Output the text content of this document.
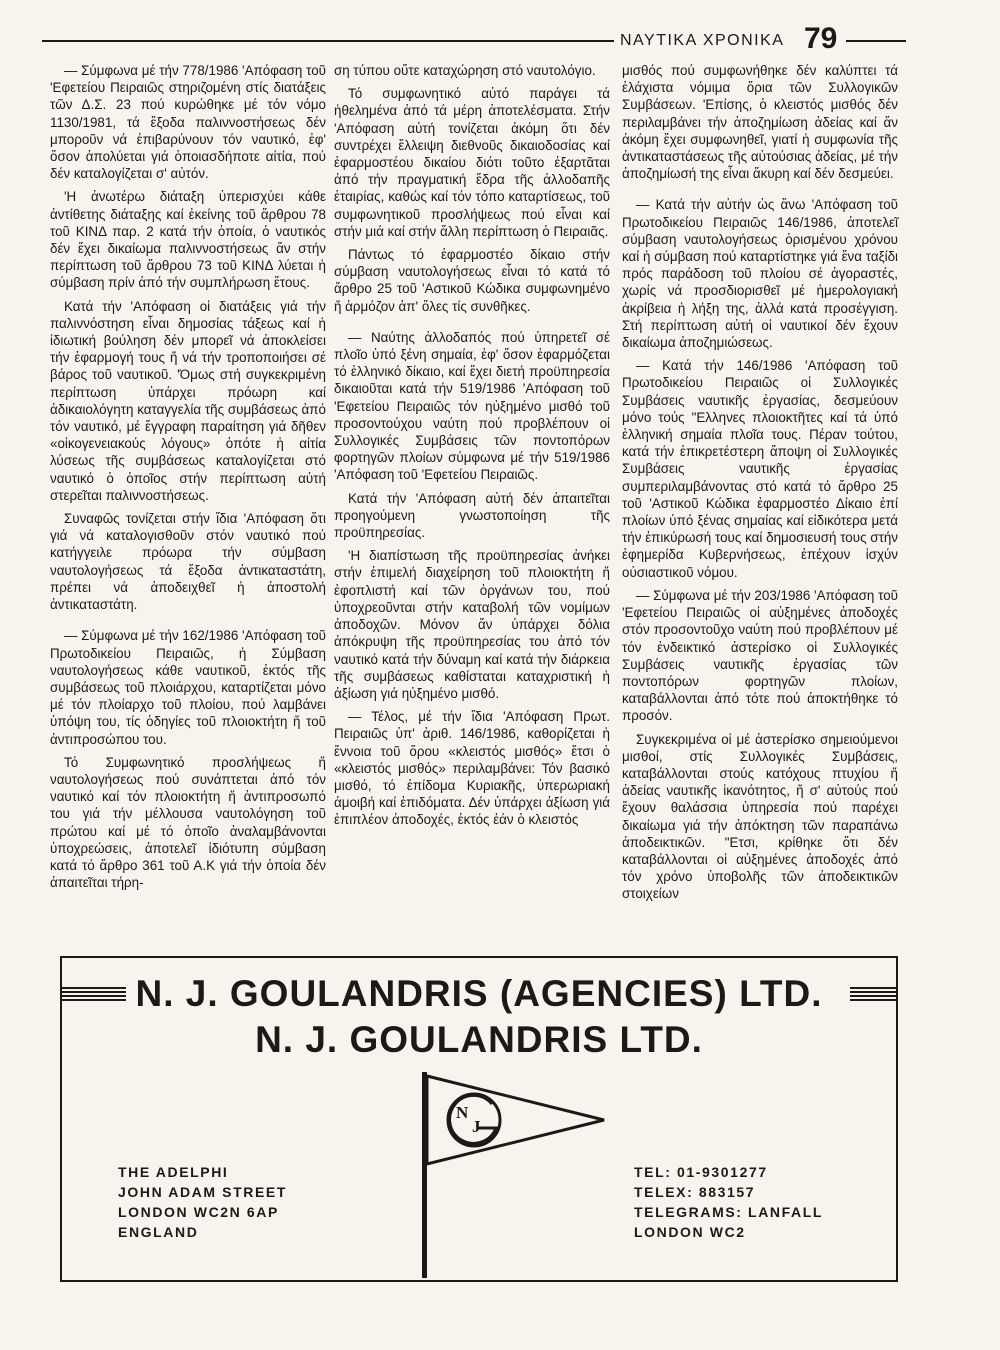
ΝΑΥΤΙΚΑ ΧΡΟΝΙΚΑ 79

— Σύμφωνα μέ τήν 778/1986 'Απόφαση τοῦ 'Εφετείου Πειραιῶς στηριζομένη στίς διατάξεις τῶν Δ.Σ. 23 πού κυρώθηκε μέ τόν νόμο 1130/1981, τά ἔξοδα παλιννοστήσεως δέν μποροῦν νά ἐπιβαρύνουν τόν ναυτικό, ἐφ' ὅσον ἀπολύεται γιά ὁποιασδήποτε αἰτία, πού δέν καταλογίζεται σ' αὐτόν.

'Η ἀνωτέρω διάταξη ὑπερισχύει κάθε ἀντίθετης διάταξης καί ἐκείνης τοῦ ἄρθρου 78 τοῦ ΚΙΝΔ παρ. 2 κατά τήν ὁποία, ὁ ναυτικός δέν ἔχει δικαίωμα παλιννοστήσεως ἄν στήν περίπτωση τοῦ ἄρθρου 73 τοῦ ΚΙΝΔ λύεται ἡ σύμβαση πρίν ἀπό τήν συμπλήρωση ἔτους.

Κατά τήν 'Απόφαση οἱ διατάξεις γιά τήν παλιννόστηση εἶναι δημοσίας τάξεως καί ἡ ἰδιωτική βούληση δέν μπορεῖ νά ἀποκλείσει τήν ἐφαρμογή τους ἤ νά τήν τροποποιήσει σέ βάρος τοῦ ναυτικοῦ. 'Όμως στή συγκεκριμένη περίπτωση ὑπάρχει πρόωρη καί ἀδικαιολόγητη καταγγελία τῆς συμβάσεως ἀπό τόν ναυτικό, μέ ἔγγραφη παραίτηση γιά δῆθεν «οἰκογενειακούς λόγους» ὁπότε ἡ αἰτία λύσεως τῆς συμβάσεως καταλογίζεται στό ναυτικό ὁ ὁποῖος στήν περίπτωση αὐτή στερεῖται παλιννοστήσεως.

Συναφῶς τονίζεται στήν ἴδια 'Απόφαση ὅτι γιά νά καταλογισθοῦν στόν ναυτικό πού κατήγγειλε πρόωρα τήν σύμβαση ναυτολογήσεως τά ἔξοδα ἀντικαταστάτη, πρέπει νά ἀποδειχθεῖ ἡ ἀποστολή ἀντικαταστάτη.

— Σύμφωνα μέ τήν 162/1986 'Απόφαση τοῦ Πρωτοδικείου Πειραιῶς, ἡ Σύμβαση ναυτολογήσεως κάθε ναυτικοῦ, ἐκτός τῆς συμβάσεως τοῦ πλοιάρχου, καταρτίζεται μόνο μέ τόν πλοίαρχο τοῦ πλοίου, πού λαμβάνει ὑπόψη του, τίς ὁδηγίες τοῦ πλοιοκτήτη ἤ τοῦ ἀντιπροσώπου του.

Τό Συμφωνητικό προσλήψεως ἤ ναυτολογήσεως πού συνάπτεται ἀπό τόν ναυτικό καί τόν πλοιοκτήτη ἤ ἀντιπροσωπό του γιά τήν μέλλουσα ναυτολόγηση τοῦ πρώτου καί μέ τό ὁποῖο ἀναλαμβάνονται ὑποχρεώσεις, ἀποτελεῖ ἰδιότυπη σύμβαση κατά τό ἄρθρο 361 τοῦ Α.Κ γιά τήν ὁποία δέν ἀπαιτεῖται τήρη-

ση τύπου οὔτε καταχώρηση στό ναυτολόγιο.

Τό συμφωνητικό αὐτό παράγει τά ἠθελημένα ἀπό τά μέρη ἀποτελέσματα. Στήν 'Απόφαση αὐτή τονίζεται ἀκόμη ὅτι δέν συντρέχει ἔλλειψη διεθνοῦς δικαιοδοσίας καί ἐφαρμοστέου δικαίου διότι τοῦτο ἐξαρτᾶται ἀπό τήν πραγματική ἕδρα τῆς ἀλλοδαπῆς ἑταιρίας, καθώς καί τόν τόπο καταρτίσεως, τοῦ συμφωνητικοῦ προσλήψεως πού εἶναι καί στήν μιά καί στήν ἄλλη περίπτωση ὁ Πειραιᾶς.

Πάντως τό ἐφαρμοστέο δίκαιο στήν σύμβαση ναυτολογήσεως εἶναι τό κατά τό ἄρθρο 25 τοῦ 'Αστικοῦ Κώδικα συμφωνημένο ἤ ἁρμόζον ἀπ' ὅλες τίς συνθῆκες.

— Ναύτης ἀλλοδαπός πού ὑπηρετεῖ σέ πλοῖο ὑπό ξένη σημαία, ἐφ' ὅσον ἐφαρμόζεται τό ἑλληνικό δίκαιο, καί ἔχει διετή προϋπηρεσία δικαιοῦται κατά τήν 519/1986 'Απόφαση τοῦ 'Εφετείου Πειραιῶς τόν ηὐξημένο μισθό τοῦ προσοντούχου ναύτη πού προβλέπουν οἱ Συλλογικές Συμβάσεις τῶν ποντοπόρων φορτηγῶν πλοίων σύμφωνα μέ τήν 519/1986 'Απόφαση τοῦ 'Εφετείου Πειραιῶς.

Κατά τήν 'Απόφαση αὐτή δέν ἀπαιτεῖται προηγούμενη γνωστοποίηση τῆς προϋπηρεσίας.

'Η διαπίστωση τῆς προϋπηρεσίας ἀνήκει στήν ἐπιμελή διαχείρηση τοῦ πλοιοκτήτη ἤ ἐφοπλιστή καί τῶν ὀργάνων του, πού ὑποχρεοῦνται στήν καταβολή τῶν νομίμων ἀποδοχῶν. Μόνον ἄν ὑπάρχει δόλια ἀπόκρυψη τῆς προϋπηρεσίας του ἀπό τόν ναυτικό κατά τήν δύναμη καί κατά τήν διάρκεια τῆς συμβάσεως καθίσταται καταχριστική ἡ ἀξίωση γιά ηὐξημένο μισθό.

— Τέλος, μέ τήν ἴδια 'Απόφαση Πρωτ. Πειραιῶς ὑπ' ἀριθ. 146/1986, καθορίζεται ἡ ἔννοια τοῦ ὅρου «κλειστός μισθός» ἔτσι ὁ «κλειστός μισθός» περιλαμβάνει: Τόν βασικό μισθό, τό ἐπίδομα Κυριακῆς, ὑπερωριακή ἀμοιβή καί ἐπιδόματα. Δέν ὑπάρχει ἀξίωση γιά ἐπιπλέον ἀποδοχές, ἐκτός ἐάν ὁ κλειστός

μισθός πού συμφωνήθηκε δέν καλύπτει τά ἐλάχιστα νόμιμα ὅρια τῶν Συλλογικῶν Συμβάσεων. 'Επίσης, ὁ κλειστός μισθός δέν περιλαμβάνει τήν ἀποζημίωση ἀδείας καί ἄν ἀκόμη ἔχει συμφωνηθεῖ, γιατί ἡ συμφωνία τῆς ἀντικαταστάσεως τῆς αὐτούσιας ἀδείας, μέ τήν ἀποζημίωσή της εἶναι ἄκυρη καί δέν δεσμεύει.

— Κατά τήν αὐτήν ὡς ἄνω 'Απόφαση τοῦ Πρωτοδικείου Πειραιῶς 146/1986, ἀποτελεῖ σύμβαση ναυτολογήσεως ὁρισμένου χρόνου καί ἡ σύμβαση πού καταρτίστηκε γιά ἕνα ταξίδι πρός παράδοση τοῦ πλοίου σέ ἀγοραστές, χωρίς νά προσδιορισθεῖ μέ ἡμερολογιακή ἀκρίβεια ἡ λήξη της, ἀλλά κατά προσέγγιση. Στή περίπτωση αὐτή οἱ ναυτικοί δέν ἔχουν δικαίωμα ἀποζημιώσεως.

— Κατά τήν 146/1986 'Απόφαση τοῦ Πρωτοδικείου Πειραιῶς οἱ Συλλογικές Συμβάσεις ναυτικῆς ἐργασίας, δεσμεύουν μόνο τούς "Ελληνες πλοιοκτῆτες καί τά ὑπό ἑλληνική σημαία πλοῖα τους. Πέραν τούτου, κατά τήν ἐπικρετέστερη ἄποψη οἱ Συλλογικές Συμβάσεις ναυτικῆς ἐργασίας συμπεριλαμβάνοντας στό κατά τό ἄρθρο 25 τοῦ 'Αστικοῦ Κώδικα ἐφαρμοστέο Δίκαιο ἐπί πλοίων ὑπό ξένας σημαίας καί εἰδικότερα μετά τήν ἐπικύρωσή τους καί δημοσιευσή τους στήν ἐφημερίδα Κυβερνήσεως, ἐπέχουν ἰσχύν οὐσιαστικοῦ νόμου.

— Σύμφωνα μέ τήν 203/1986 'Απόφαση τοῦ 'Εφετείου Πειραιῶς οἱ αὐξημένες ἀποδοχές στόν προσοντοῦχο ναύτη πού προβλέπουν μέ τόν ἐνδεικτικό ἀστερίσκο οἱ Συλλογικές Συμβάσεις ναυτικῆς ἐργασίας τῶν ποντοπόρων φορτηγῶν πλοίων, καταβάλλονται ἀπό τότε πού ἀποκτήθηκε τό προσόν.

Συγκεκριμένα οἱ μέ ἀστερίσκο σημειούμενοι μισθοί, στίς Συλλογικές Συμβάσεις, καταβάλλονται στούς κατόχους πτυχίου ἤ ἀδείας ναυτικῆς ἱκανότητος, ἤ σ' αὐτούς πού ἔχουν θαλάσσια ὑπηρεσία πού παρέχει δικαίωμα γιά τήν ἀπόκτηση τῶν παραπάνω ἀποδεικτικῶν. "Ετσι, κρίθηκε ὅτι δέν καταβάλλονται οἱ αὐξημένες ἀποδοχές ἀπό τόν χρόνο ὑποβολῆς τῶν ἀποδεικτικῶν στοιχείων

N. J. GOULANDRIS (AGENCIES) LTD.
N. J. GOULANDRIS LTD.
N
J
THE ADELPHI
JOHN ADAM STREET
LONDON WC2N 6AP
ENGLAND
TEL: 01-9301277
TELEX: 883157
TELEGRAMS: LANFALL
LONDON WC2
